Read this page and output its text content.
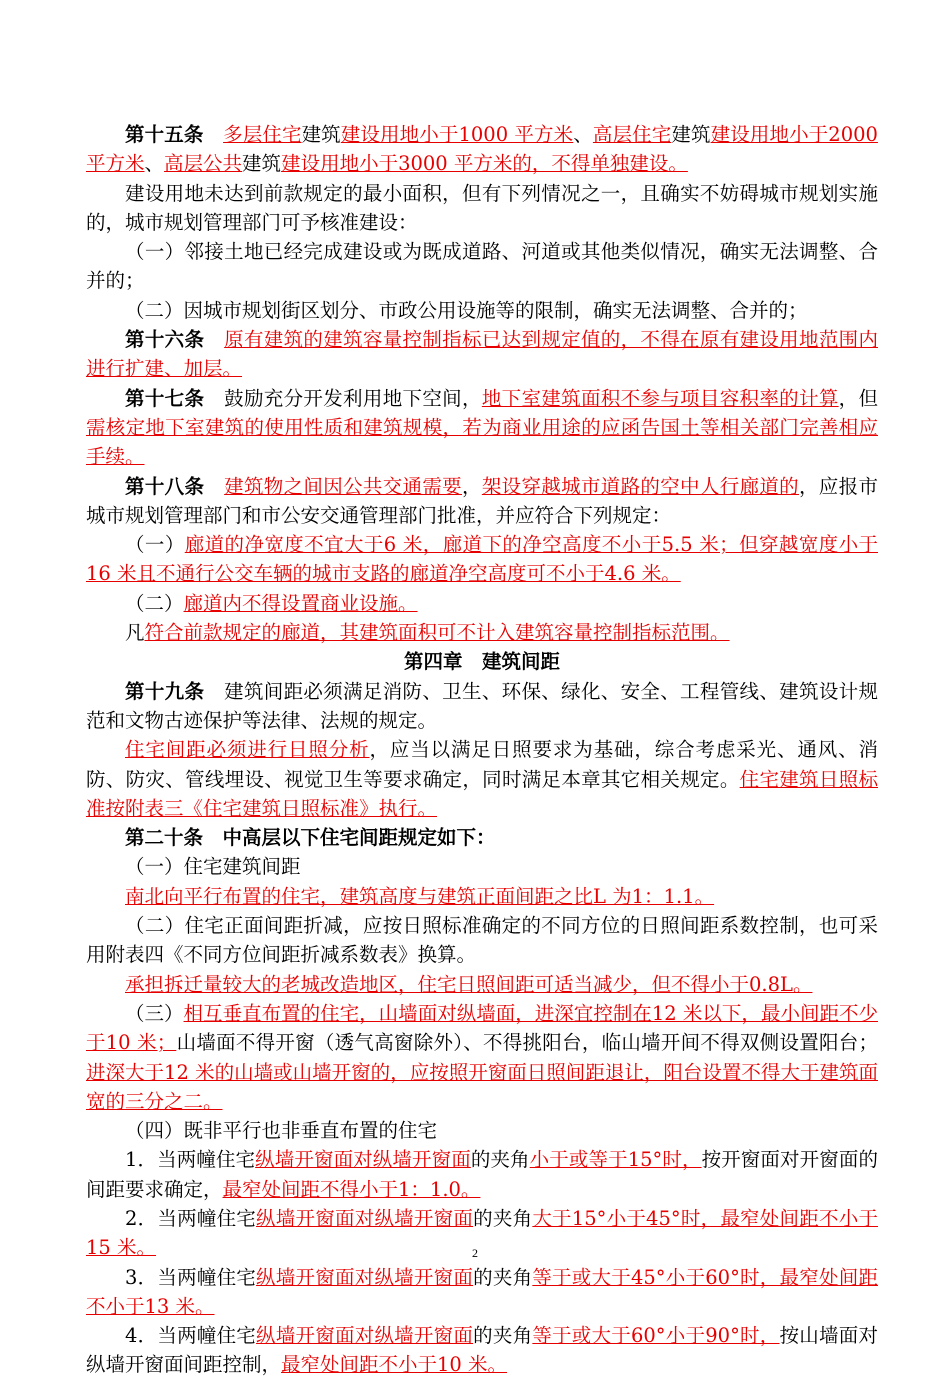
第十五条　 多层住宅建筑建设用地小于1000 平方米、高层住宅建筑建设用地小于2000 平方米、高层公共建筑建设用地小于3000 平方米的，不得单独建设。

建设用地未达到前款规定的最小面积，但有下列情况之一，且确实不妨碍城市规划实施的，城市规划管理部门可予核准建设：

（一）邻接土地已经完成建设或为既成道路、河道或其他类似情况，确实无法调整、合并的；

（二）因城市规划街区划分、市政公用设施等的限制，确实无法调整、合并的；

第十六条　 原有建筑的建筑容量控制指标已达到规定值的，不得在原有建设用地范围内进行扩建、加层。

第十七条　鼓励充分开发利用地下空间，地下室建筑面积不参与项目容积率的计算，但需核定地下室建筑的使用性质和建筑规模，若为商业用途的应函告国土等相关部门完善相应手续。

第十八条　 建筑物之间因公共交通需要，架设穿越城市道路的空中人行廊道的，应报市城市规划管理部门和市公安交通管理部门批准，并应符合下列规定：

（一）廊道的净宽度不宜大于6 米，廊道下的净空高度不小于5.5 米；但穿越宽度小于16 米且不通行公交车辆的城市支路的廊道净空高度可不小于4.6 米。

（二）廊道内不得设置商业设施。

凡符合前款规定的廊道，其建筑面积可不计入建筑容量控制指标范围。

第四章　建筑间距

第十九条　建筑间距必须满足消防、卫生、环保、绿化、安全、工程管线、建筑设计规范和文物古迹保护等法律、法规的规定。

住宅间距必须进行日照分析，应当以满足日照要求为基础，综合考虑采光、通风、消防、防灾、管线埋设、视觉卫生等要求确定，同时满足本章其它相关规定。住宅建筑日照标准按附表三《住宅建筑日照标准》执行。

第二十条　中高层以下住宅间距规定如下：

（一）住宅建筑间距

南北向平行布置的住宅，建筑高度与建筑正面间距之比L 为1：1.1。

（二）住宅正面间距折减，应按日照标准确定的不同方位的日照间距系数控制，也可采用附表四《不同方位间距折减系数表》换算。

承担拆迁量较大的老城改造地区，住宅日照间距可适当减少，但不得小于0.8L。

（三）相互垂直布置的住宅，山墙面对纵墙面，进深宜控制在12 米以下，最小间距不少于10 米；山墙面不得开窗（透气高窗除外）、不得挑阳台，临山墙开间不得双侧设置阳台；进深大于12 米的山墙或山墙开窗的，应按照开窗面日照间距退让，阳台设置不得大于建筑面宽的三分之二。

（四）既非平行也非垂直布置的住宅

1．当两幢住宅纵墙开窗面对纵墙开窗面的夹角小于或等于15°时，按开窗面对开窗面的间距要求确定，最窄处间距不得小于1：1.0。

2．当两幢住宅纵墙开窗面对纵墙开窗面的夹角大于15°小于45°时，最窄处间距不小于15 米。

3．当两幢住宅纵墙开窗面对纵墙开窗面的夹角等于或大于45°小于60°时，最窄处间距不小于13 米。

4．当两幢住宅纵墙开窗面对纵墙开窗面的夹角等于或大于60°小于90°时，按山墙面对纵墙开窗面间距控制，最窄处间距不小于10 米。

2
